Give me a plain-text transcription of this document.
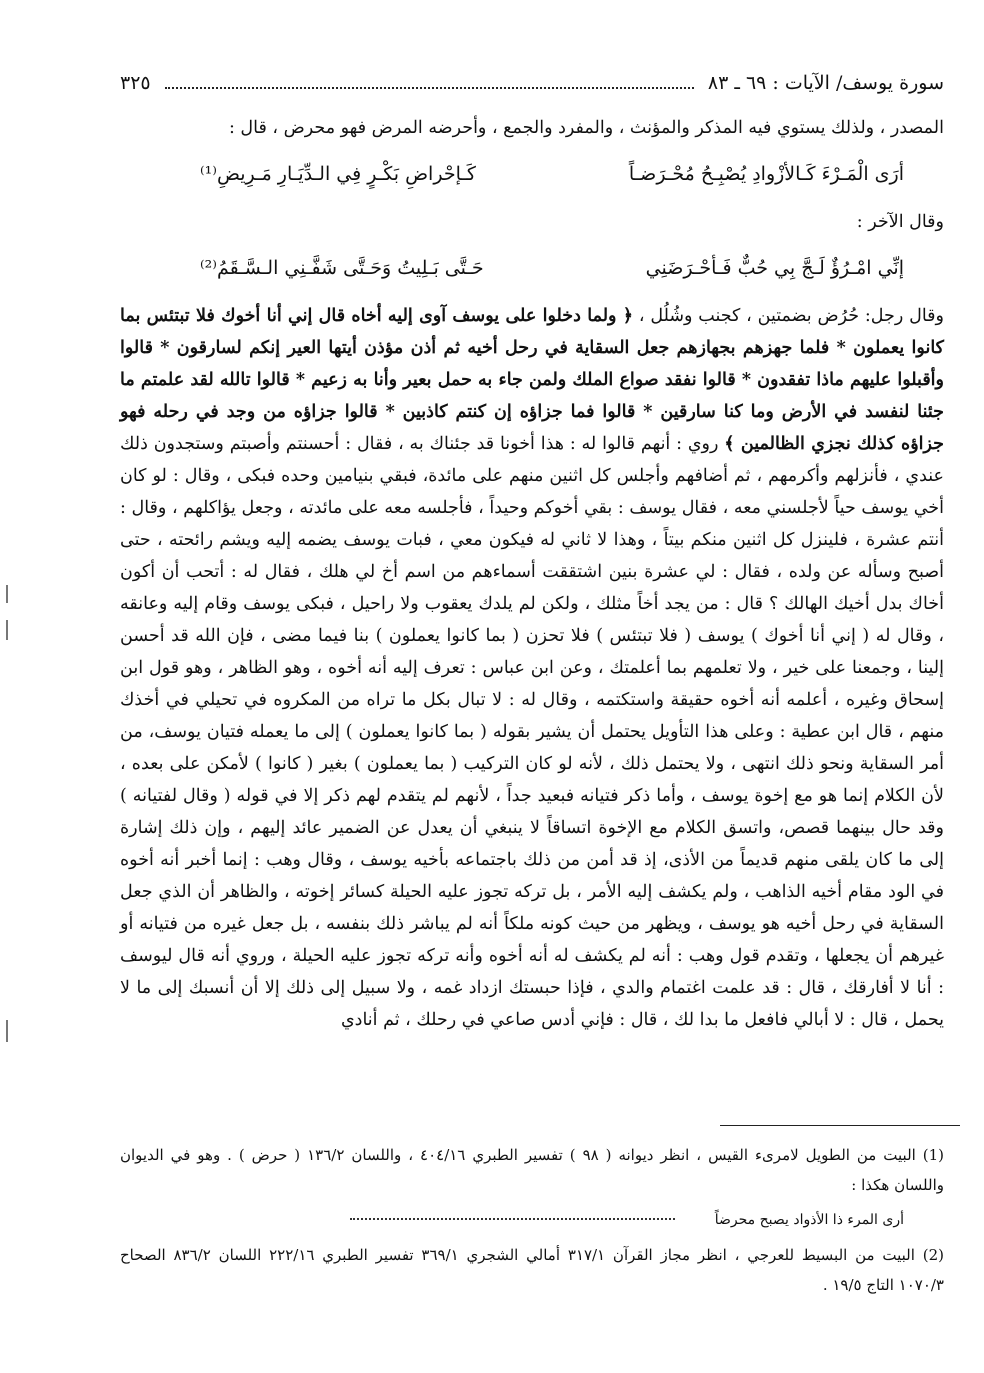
سورة يوسف/ الآيات : ٦٩ ـ ٨٣
٣٢٥

المصدر ، ولذلك يستوي فيه المذكر والمؤنث ، والمفرد والجمع ، وأحرضه المرض فهو محرض ، قال :

أرَى الْمَـرْءَ كَـالأزْوادِ يُصْبِـحُ مُحْـرَضـاً
كَـإحْراضِ بَكْـرٍ فِي الـدِّيَـارِ مَـرِيضِ⁽¹⁾

وقال الآخر :

إنِّي امْـرُؤٌ لَـجَّ بِي حُبٌّ فَـأحْـرَضَنِي
حَـتَّى بَـلِيتُ وَحَـتَّى شَفَّـنِي الـسَّـقَمُ⁽²⁾

وقال رجل: حُرُض بضمتين ، كجنب وشُلُل ، ﴿ ولما دخلوا على يوسف آوى إليه أخاه قال إني أنا أخوك فلا تبتئس بما كانوا يعملون * فلما جهزهم بجهازهم جعل السقاية في رحل أخيه ثم أذن مؤذن أيتها العير إنكم لسارقون * قالوا وأقبلوا عليهم ماذا تفقدون * قالوا نفقد صواع الملك ولمن جاء به حمل بعير وأنا به زعيم * قالوا تالله لقد علمتم ما جئنا لنفسد في الأرض وما كنا سارقين * قالوا فما جزاؤه إن كنتم كاذبين * قالوا جزاؤه من وجد في رحله فهو جزاؤه كذلك نجزي الظالمين ﴾ روي : أنهم قالوا له : هذا أخونا قد جئناك به ، فقال : أحسنتم وأصبتم وستجدون ذلك عندي ، فأنزلهم وأكرمهم ، ثم أضافهم وأجلس كل اثنين منهم على مائدة، فبقي بنيامين وحده فبكى ، وقال : لو كان أخي يوسف حياً لأجلسني معه ، فقال يوسف : بقي أخوكم وحيداً ، فأجلسه معه على مائدته ، وجعل يؤاكلهم ، وقال : أنتم عشرة ، فلينزل كل اثنين منكم بيتاً ، وهذا لا ثاني له فيكون معي ، فبات يوسف يضمه إليه ويشم رائحته ، حتى أصبح وسأله عن ولده ، فقال : لي عشرة بنين اشتققت أسماءهم من اسم أخ لي هلك ، فقال له : أتحب أن أكون أخاك بدل أخيك الهالك ؟ قال : من يجد أخاً مثلك ، ولكن لم يلدك يعقوب ولا راحيل ، فبكى يوسف وقام إليه وعانقه ، وقال له ( إني أنا أخوك ) يوسف ( فلا تبتئس ) فلا تحزن ( بما كانوا يعملون ) بنا فيما مضى ، فإن الله قد أحسن إلينا ، وجمعنا على خير ، ولا تعلمهم بما أعلمتك ، وعن ابن عباس : تعرف إليه أنه أخوه ، وهو الظاهر ، وهو قول ابن إسحاق وغيره ، أعلمه أنه أخوه حقيقة واستكتمه ، وقال له : لا تبال بكل ما تراه من المكروه في تحيلي في أخذك منهم ، قال ابن عطية : وعلى هذا التأويل يحتمل أن يشير بقوله ( بما كانوا يعملون ) إلى ما يعمله فتيان يوسف، من أمر السقاية ونحو ذلك انتهى ، ولا يحتمل ذلك ، لأنه لو كان التركيب ( بما يعملون ) بغير ( كانوا ) لأمكن على بعده ، لأن الكلام إنما هو مع إخوة يوسف ، وأما ذكر فتيانه فبعيد جداً ، لأنهم لم يتقدم لهم ذكر إلا في قوله ( وقال لفتيانه ) وقد حال بينهما قصص، واتسق الكلام مع الإخوة اتساقاً لا ينبغي أن يعدل عن الضمير عائد إليهم ، وإن ذلك إشارة إلى ما كان يلقى منهم قديماً من الأذى، إذ قد أمن من ذلك باجتماعه بأخيه يوسف ، وقال وهب : إنما أخبر أنه أخوه في الود مقام أخيه الذاهب ، ولم يكشف إليه الأمر ، بل تركه تجوز عليه الحيلة كسائر إخوته ، والظاهر أن الذي جعل السقاية في رحل أخيه هو يوسف ، ويظهر من حيث كونه ملكاً أنه لم يباشر ذلك بنفسه ، بل جعل غيره من فتيانه أو غيرهم أن يجعلها ، وتقدم قول وهب : أنه لم يكشف له أنه أخوه وأنه تركه تجوز عليه الحيلة ، وروي أنه قال ليوسف : أنا لا أفارقك ، قال : قد علمت اغتمام والدي ، فإذا حبستك ازداد غمه ، ولا سبيل إلى ذلك إلا أن أنسبك إلى ما لا يحمل ، قال : لا أبالي فافعل ما بدا لك ، قال : فإني أدس صاعي في رحلك ، ثم أنادي

(1) البيت من الطويل لامرىء القيس ، انظر ديوانه ( ٩٨ ) تفسير الطبري ٤٠٤/١٦ ، واللسان ١٣٦/٢ ( حرض ) . وهو في الديوان واللسان هكذا :

أرى المرء ذا الأذواد يصبح محرضاً

(2) البيت من البسيط للعرجي ، انظر مجاز القرآن ٣١٧/١ أمالي الشجري ٣٦٩/١ تفسير الطبري ٢٢٢/١٦ اللسان ٨٣٦/٢ الصحاح ١٠٧٠/٣ التاج ١٩/٥ .
